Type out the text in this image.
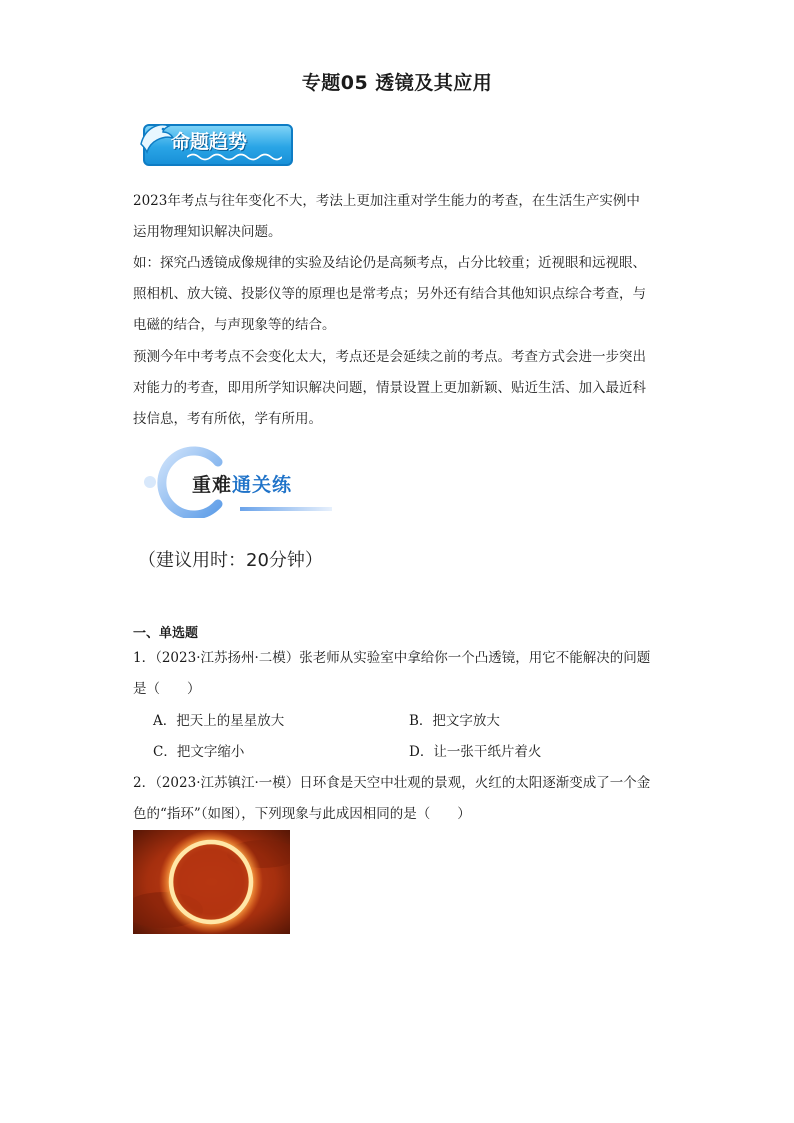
专题05 透镜及其应用
命题趋势
2023年考点与往年变化不大，考法上更加注重对学生能力的考查，在生活生产实例中
运用物理知识解决问题。
如：探究凸透镜成像规律的实验及结论仍是高频考点，占分比较重；近视眼和远视眼、
照相机、放大镜、投影仪等的原理也是常考点；另外还有结合其他知识点综合考查，与
电磁的结合，与声现象等的结合。
预测今年中考考点不会变化太大，考点还是会延续之前的考点。考查方式会进一步突出
对能力的考查，即用所学知识解决问题，情景设置上更加新颖、贴近生活、加入最近科
技信息，考有所依，学有所用。
重难通关练
（建议用时：20分钟）
一、单选题
1．（2023·江苏扬州·二模）张老师从实验室中拿给你一个凸透镜，用它不能解决的问题
是（　　）
A．把天上的星星放大	B．把文字放大
C．把文字缩小	D．让一张干纸片着火
2．（2023·江苏镇江·一模）日环食是天空中壮观的景观，火红的太阳逐渐变成了一个金
色的“指环”（如图），下列现象与此成因相同的是（　　）
